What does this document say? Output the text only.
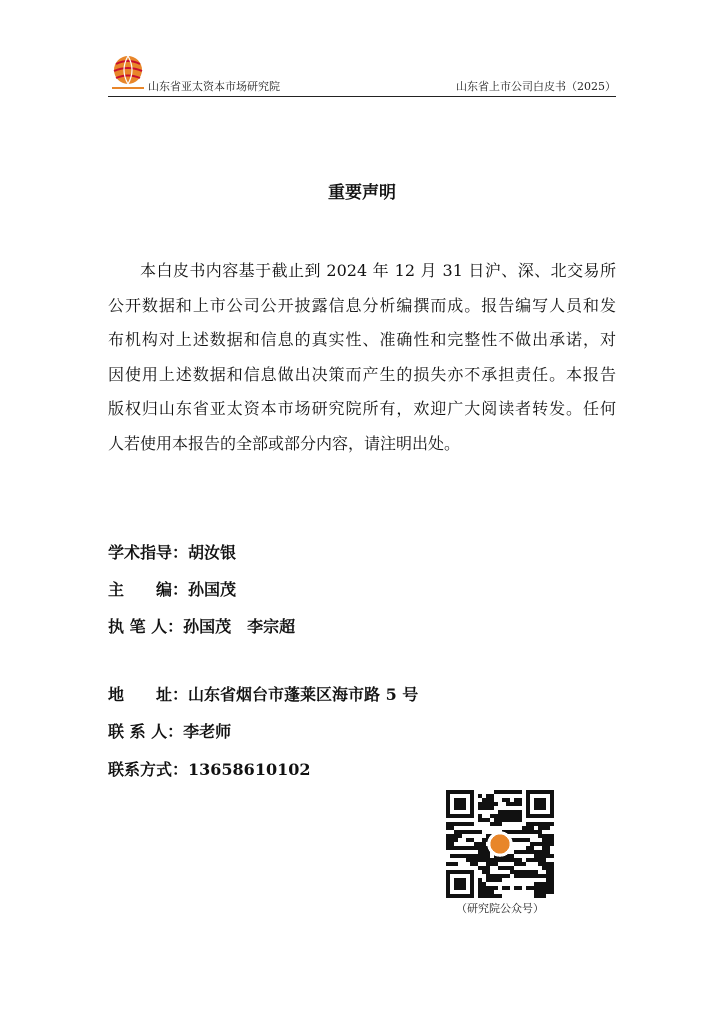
山东省亚太资本市场研究院	山东省上市公司白皮书（2025）
重要声明
本白皮书内容基于截止到 2024 年 12 月 31 日沪、深、北交易所
公开数据和上市公司公开披露信息分析编撰而成。报告编写人员和发
布机构对上述数据和信息的真实性、准确性和完整性不做出承诺，对
因使用上述数据和信息做出决策而产生的损失亦不承担责任。本报告
版权归山东省亚太资本市场研究院所有，欢迎广大阅读者转发。任何
人若使用本报告的全部或部分内容，请注明出处。
学术指导：胡汝银
主　　编：孙国茂
执 笔 人：孙国茂　李宗超
地　　址：山东省烟台市蓬莱区海市路 5 号
联 系 人：李老师
联系方式：13658610102
（研究院公众号）
